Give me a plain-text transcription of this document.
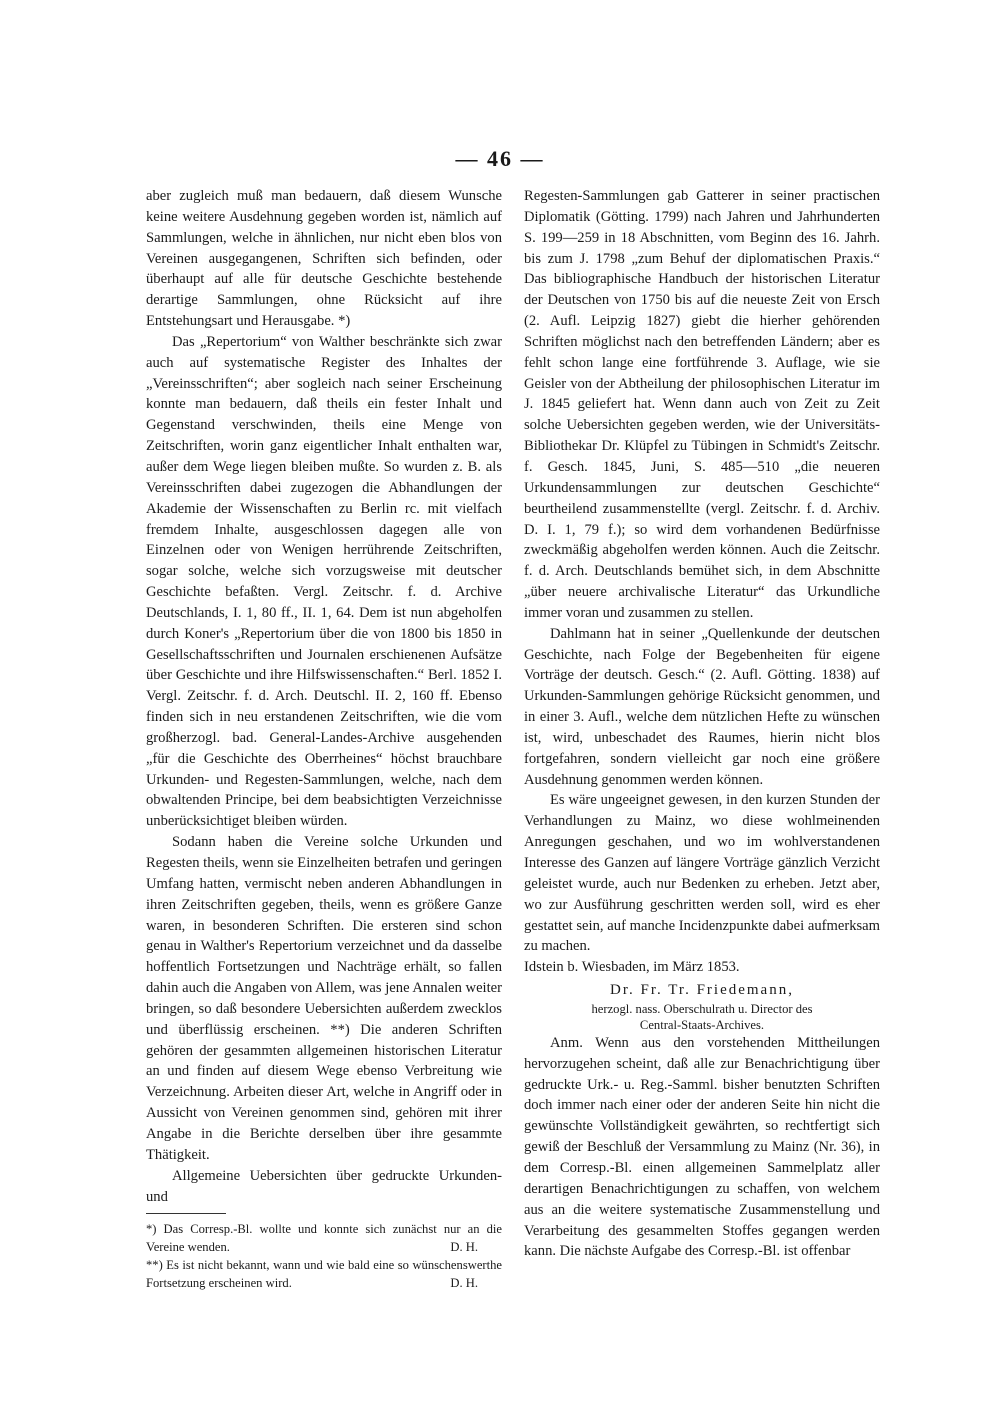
— 46 —

aber zugleich muß man bedauern, daß diesem Wunsche keine weitere Ausdehnung gegeben worden ist, nämlich auf Sammlungen, welche in ähnlichen, nur nicht eben blos von Vereinen ausgegangenen, Schriften sich befinden, oder überhaupt auf alle für deutsche Geschichte bestehende derartige Sammlungen, ohne Rücksicht auf ihre Entstehungsart und Herausgabe. *)

Das „Repertorium“ von Walther beschränkte sich zwar auch auf systematische Register des Inhaltes der „Vereinsschriften“; aber sogleich nach seiner Erscheinung konnte man bedauern, daß theils ein fester Inhalt und Gegenstand verschwinden, theils eine Menge von Zeitschriften, worin ganz eigentlicher Inhalt enthalten war, außer dem Wege liegen bleiben mußte. So wurden z. B. als Vereinsschriften dabei zugezogen die Abhandlungen der Akademie der Wissenschaften zu Berlin rc. mit vielfach fremdem Inhalte, ausgeschlossen dagegen alle von Einzelnen oder von Wenigen herrührende Zeitschriften, sogar solche, welche sich vorzugsweise mit deutscher Geschichte befaßten. Vergl. Zeitschr. f. d. Archive Deutschlands, I. 1, 80 ff., II. 1, 64. Dem ist nun abgeholfen durch Koner's „Repertorium über die von 1800 bis 1850 in Gesellschaftsschriften und Journalen erschienenen Aufsätze über Geschichte und ihre Hilfswissenschaften.“ Berl. 1852 I. Vergl. Zeitschr. f. d. Arch. Deutschl. II. 2, 160 ff. Ebenso finden sich in neu erstandenen Zeitschriften, wie die vom großherzogl. bad. General-Landes-Archive ausgehenden „für die Geschichte des Oberrheines“ höchst brauchbare Urkunden- und Regesten-Sammlungen, welche, nach dem obwaltenden Principe, bei dem beabsichtigten Verzeichnisse unberücksichtiget bleiben würden.

Sodann haben die Vereine solche Urkunden und Regesten theils, wenn sie Einzelheiten betrafen und geringen Umfang hatten, vermischt neben anderen Abhandlungen in ihren Zeitschriften gegeben, theils, wenn es größere Ganze waren, in besonderen Schriften. Die ersteren sind schon genau in Walther's Repertorium verzeichnet und da dasselbe hoffentlich Fortsetzungen und Nachträge erhält, so fallen dahin auch die Angaben von Allem, was jene Annalen weiter bringen, so daß besondere Uebersichten außerdem zwecklos und überflüssig erscheinen. **) Die anderen Schriften gehören der gesammten allgemeinen historischen Literatur an und finden auf diesem Wege ebenso Verbreitung wie Verzeichnung. Arbeiten dieser Art, welche in Angriff oder in Aussicht von Vereinen genommen sind, gehören mit ihrer Angabe in die Berichte derselben über ihre gesammte Thätigkeit.

Allgemeine Uebersichten über gedruckte Urkunden- und

*) Das Corresp.-Bl. wollte und konnte sich zunächst nur an die Vereine wenden.	D. H.

**) Es ist nicht bekannt, wann und wie bald eine so wünschenswerthe Fortsetzung erscheinen wird.	D. H.

Regesten-Sammlungen gab Gatterer in seiner practischen Diplomatik (Götting. 1799) nach Jahren und Jahrhunderten S. 199—259 in 18 Abschnitten, vom Beginn des 16. Jahrh. bis zum J. 1798 „zum Behuf der diplomatischen Praxis.“ Das bibliographische Handbuch der historischen Literatur der Deutschen von 1750 bis auf die neueste Zeit von Ersch (2. Aufl. Leipzig 1827) giebt die hierher gehörenden Schriften möglichst nach den betreffenden Ländern; aber es fehlt schon lange eine fortführende 3. Auflage, wie sie Geisler von der Abtheilung der philosophischen Literatur im J. 1845 geliefert hat. Wenn dann auch von Zeit zu Zeit solche Uebersichten gegeben werden, wie der Universitäts-Bibliothekar Dr. Klüpfel zu Tübingen in Schmidt's Zeitschr. f. Gesch. 1845, Juni, S. 485—510 „die neueren Urkundensammlungen zur deutschen Geschichte“ beurtheilend zusammenstellte (vergl. Zeitschr. f. d. Archiv. D. I. 1, 79 f.); so wird dem vorhandenen Bedürfnisse zweckmäßig abgeholfen werden können. Auch die Zeitschr. f. d. Arch. Deutschlands bemühet sich, in dem Abschnitte „über neuere archivalische Literatur“ das Urkundliche immer voran und zusammen zu stellen.

Dahlmann hat in seiner „Quellenkunde der deutschen Geschichte, nach Folge der Begebenheiten für eigene Vorträge der deutsch. Gesch.“ (2. Aufl. Götting. 1838) auf Urkunden-Sammlungen gehörige Rücksicht genommen, und in einer 3. Aufl., welche dem nützlichen Hefte zu wünschen ist, wird, unbeschadet des Raumes, hierin nicht blos fortgefahren, sondern vielleicht gar noch eine größere Ausdehnung genommen werden können.

Es wäre ungeeignet gewesen, in den kurzen Stunden der Verhandlungen zu Mainz, wo diese wohlmeinenden Anregungen geschahen, und wo im wohlverstandenen Interesse des Ganzen auf längere Vorträge gänzlich Verzicht geleistet wurde, auch nur Bedenken zu erheben. Jetzt aber, wo zur Ausführung geschritten werden soll, wird es eher gestattet sein, auf manche Incidenzpunkte dabei aufmerksam zu machen.

Idstein b. Wiesbaden, im März 1853.

Dr. Fr. Tr. Friedemann,
herzogl. nass. Oberschulrath u. Director des
Central-Staats-Archives.

Anm. Wenn aus den vorstehenden Mittheilungen hervorzugehen scheint, daß alle zur Benachrichtigung über gedruckte Urk.- u. Reg.-Samml. bisher benutzten Schriften doch immer nach einer oder der anderen Seite hin nicht die gewünschte Vollständigkeit gewährten, so rechtfertigt sich gewiß der Beschluß der Versammlung zu Mainz (Nr. 36), in dem Corresp.-Bl. einen allgemeinen Sammelplatz aller derartigen Benachrichtigungen zu schaffen, von welchem aus an die weitere systematische Zusammenstellung und Verarbeitung des gesammelten Stoffes gegangen werden kann. Die nächste Aufgabe des Corresp.-Bl. ist offenbar
